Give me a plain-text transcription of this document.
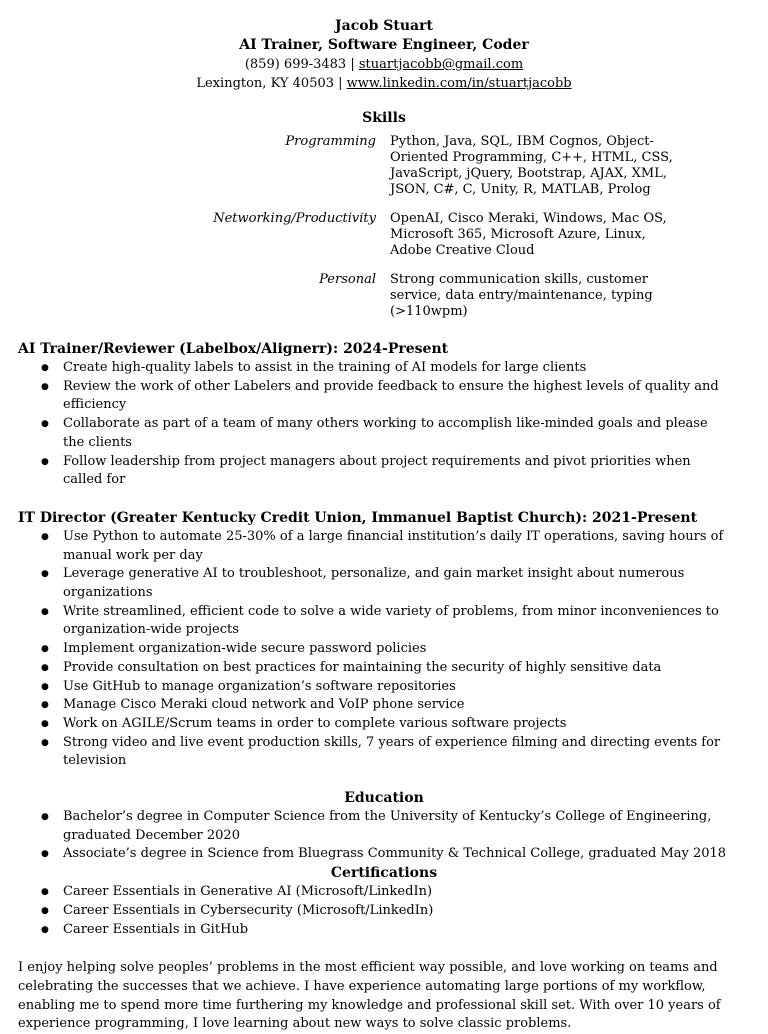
Jacob Stuart
AI Trainer, Software Engineer, Coder
(859) 699-3483 | stuartjacobb@gmail.com
Lexington, KY 40503 | www.linkedin.com/in/stuartjacobb
Skills
Programming Python, Java, SQL, IBM Cognos, Object-Oriented Programming, C++, HTML, CSS, JavaScript, jQuery, Bootstrap, AJAX, XML, JSON, C#, C, Unity, R, MATLAB, Prolog
Networking/Productivity OpenAI, Cisco Meraki, Windows, Mac OS, Microsoft 365, Microsoft Azure, Linux, Adobe Creative Cloud
Personal Strong communication skills, customer service, data entry/maintenance, typing (>110wpm)
AI Trainer/Reviewer (Labelbox/Alignerr): 2024-Present
● Create high-quality labels to assist in the training of AI models for large clients
● Review the work of other Labelers and provide feedback to ensure the highest levels of quality and efficiency
● Collaborate as part of a team of many others working to accomplish like-minded goals and please the clients
● Follow leadership from project managers about project requirements and pivot priorities when called for
IT Director (Greater Kentucky Credit Union, Immanuel Baptist Church): 2021-Present
● Use Python to automate 25-30% of a large financial institution’s daily IT operations, saving hours of manual work per day
● Leverage generative AI to troubleshoot, personalize, and gain market insight about numerous organizations
● Write streamlined, efficient code to solve a wide variety of problems, from minor inconveniences to organization-wide projects
● Implement organization-wide secure password policies
● Provide consultation on best practices for maintaining the security of highly sensitive data
● Use GitHub to manage organization’s software repositories
● Manage Cisco Meraki cloud network and VoIP phone service
● Work on AGILE/Scrum teams in order to complete various software projects
● Strong video and live event production skills, 7 years of experience filming and directing events for television
Education
● Bachelor’s degree in Computer Science from the University of Kentucky’s College of Engineering, graduated December 2020
● Associate’s degree in Science from Bluegrass Community & Technical College, graduated May 2018
Certifications
● Career Essentials in Generative AI (Microsoft/LinkedIn)
● Career Essentials in Cybersecurity (Microsoft/LinkedIn)
● Career Essentials in GitHub
I enjoy helping solve peoples’ problems in the most efficient way possible, and love working on teams and celebrating the successes that we achieve. I have experience automating large portions of my workflow, enabling me to spend more time furthering my knowledge and professional skill set. With over 10 years of experience programming, I love learning about new ways to solve classic problems.
